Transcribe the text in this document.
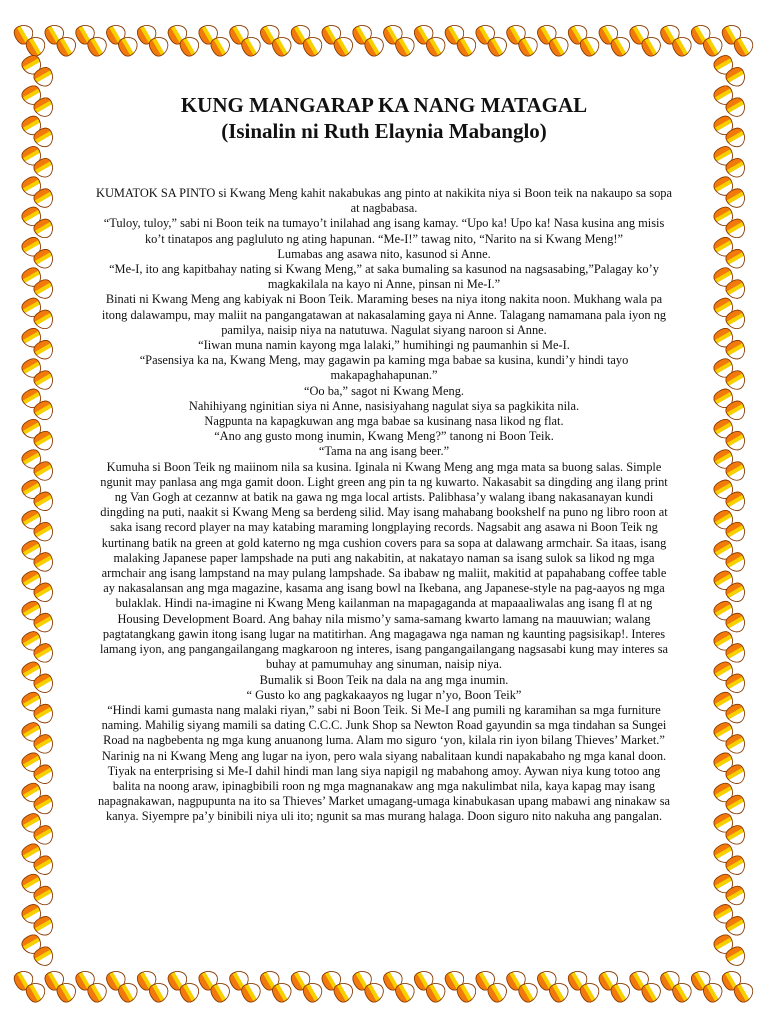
KUNG MANGARAP KA NANG MATAGAL
(Isinalin ni Ruth Elaynia Mabanglo)

KUMATOK SA PINTO si Kwang Meng kahit nakabukas ang pinto at nakikita niya si Boon teik na nakaupo sa sopa at nagbabasa.

“Tuloy, tuloy,” sabi ni Boon teik na tumayo’t inilahad ang isang kamay. “Upo ka! Upo ka! Nasa kusina ang misis ko’t tinatapos ang pagluluto ng ating hapunan. “Me-I!” tawag nito, “Narito na si Kwang Meng!”

Lumabas ang asawa nito, kasunod si Anne.

“Me-I, ito ang kapitbahay nating si Kwang Meng,” at saka bumaling sa kasunod na nagsasabing,”Palagay ko’y magkakilala na kayo ni Anne, pinsan ni Me-I.”

Binati ni Kwang Meng ang kabiyak ni Boon Teik. Maraming beses na niya itong nakita noon. Mukhang wala pa itong dalawampu, may maliit na pangangatawan at nakasalaming gaya ni Anne. Talagang namamana pala iyon ng pamilya, naisip niya na natutuwa. Nagulat siyang naroon si Anne.

“Iiwan muna namin kayong mga lalaki,” humihingi ng paumanhin si Me-I.

“Pasensiya ka na, Kwang Meng, may gagawin pa kaming mga babae sa kusina, kundi’y hindi tayo makapaghahapunan.”

“Oo ba,” sagot ni Kwang Meng.

Nahihiyang nginitian siya ni Anne, nasisiyahang nagulat siya sa pagkikita nila.

Nagpunta na kapagkuwan ang mga babae sa kusinang nasa likod ng flat.

“Ano ang gusto mong inumin, Kwang Meng?” tanong ni Boon Teik.

“Tama na ang isang beer.”

Kumuha si Boon Teik ng maiinom nila sa kusina. Iginala ni Kwang Meng ang mga mata sa buong salas. Simple ngunit may panlasa ang mga gamit doon. Light green ang pin ta ng kuwarto. Nakasabit sa dingding ang ilang print ng Van Gogh at cezannw at batik na gawa ng mga local artists. Palibhasa’y walang ibang nakasanayan kundi dingding na puti, naakit si Kwang Meng sa berdeng silid. May isang mahabang bookshelf na puno ng libro roon at saka isang record player na may katabing maraming longplaying records. Nagsabit ang asawa ni Boon Teik ng kurtinang batik na green at gold katerno ng mga cushion covers para sa sopa at dalawang armchair. Sa itaas, isang malaking Japanese paper lampshade na puti ang nakabitin, at nakatayo naman sa isang sulok sa likod ng mga armchair ang isang lampstand na may pulang lampshade. Sa ibabaw ng maliit, makitid at papahabang coffee table ay nakasalansan ang mga magazine, kasama ang isang bowl na Ikebana, ang Japanese-style na pag-aayos ng mga bulaklak. Hindi na-imagine ni Kwang Meng kailanman na mapagaganda at mapaaaliwalas ang isang fl at ng Housing Development Board. Ang bahay nila mismo’y sama-samang kwarto lamang na mauuwian; walang pagtatangkang gawin itong isang lugar na matitirhan. Ang magagawa nga naman ng kaunting pagsisikap!. Interes lamang iyon, ang pangangailangang magkaroon ng interes, isang pangangailangang nagsasabi kung may interes sa buhay at pamumuhay ang sinuman, naisip niya.

Bumalik si Boon Teik na dala na ang mga inumin.

“ Gusto ko ang pagkakaayos ng lugar n’yo, Boon Teik”

“Hindi kami gumasta nang malaki riyan,” sabi ni Boon Teik. Si Me-I ang pumili ng karamihan sa mga furniture naming. Mahilig siyang mamili sa dating C.C.C. Junk Shop sa Newton Road gayundin sa mga tindahan sa Sungei Road na nagbebenta ng mga kung anuanong luma. Alam mo siguro ‘yon, kilala rin iyon bilang Thieves’ Market.”

Narinig na ni Kwang Meng ang lugar na iyon, pero wala siyang nabalitaan kundi napakabaho ng mga kanal doon. Tiyak na enterprising si Me-I dahil hindi man lang siya napigil ng mabahong amoy. Aywan niya kung totoo ang balita na noong araw, ipinagbibili roon ng mga magnanakaw ang mga nakulimbat nila, kaya kapag may isang napagnakawan, nagpupunta na ito sa Thieves’ Market umagang-umaga kinabukasan upang mabawi ang ninakaw sa kanya. Siyempre pa’y binibili niya uli ito; ngunit sa mas murang halaga. Doon siguro nito nakuha ang pangalan.
